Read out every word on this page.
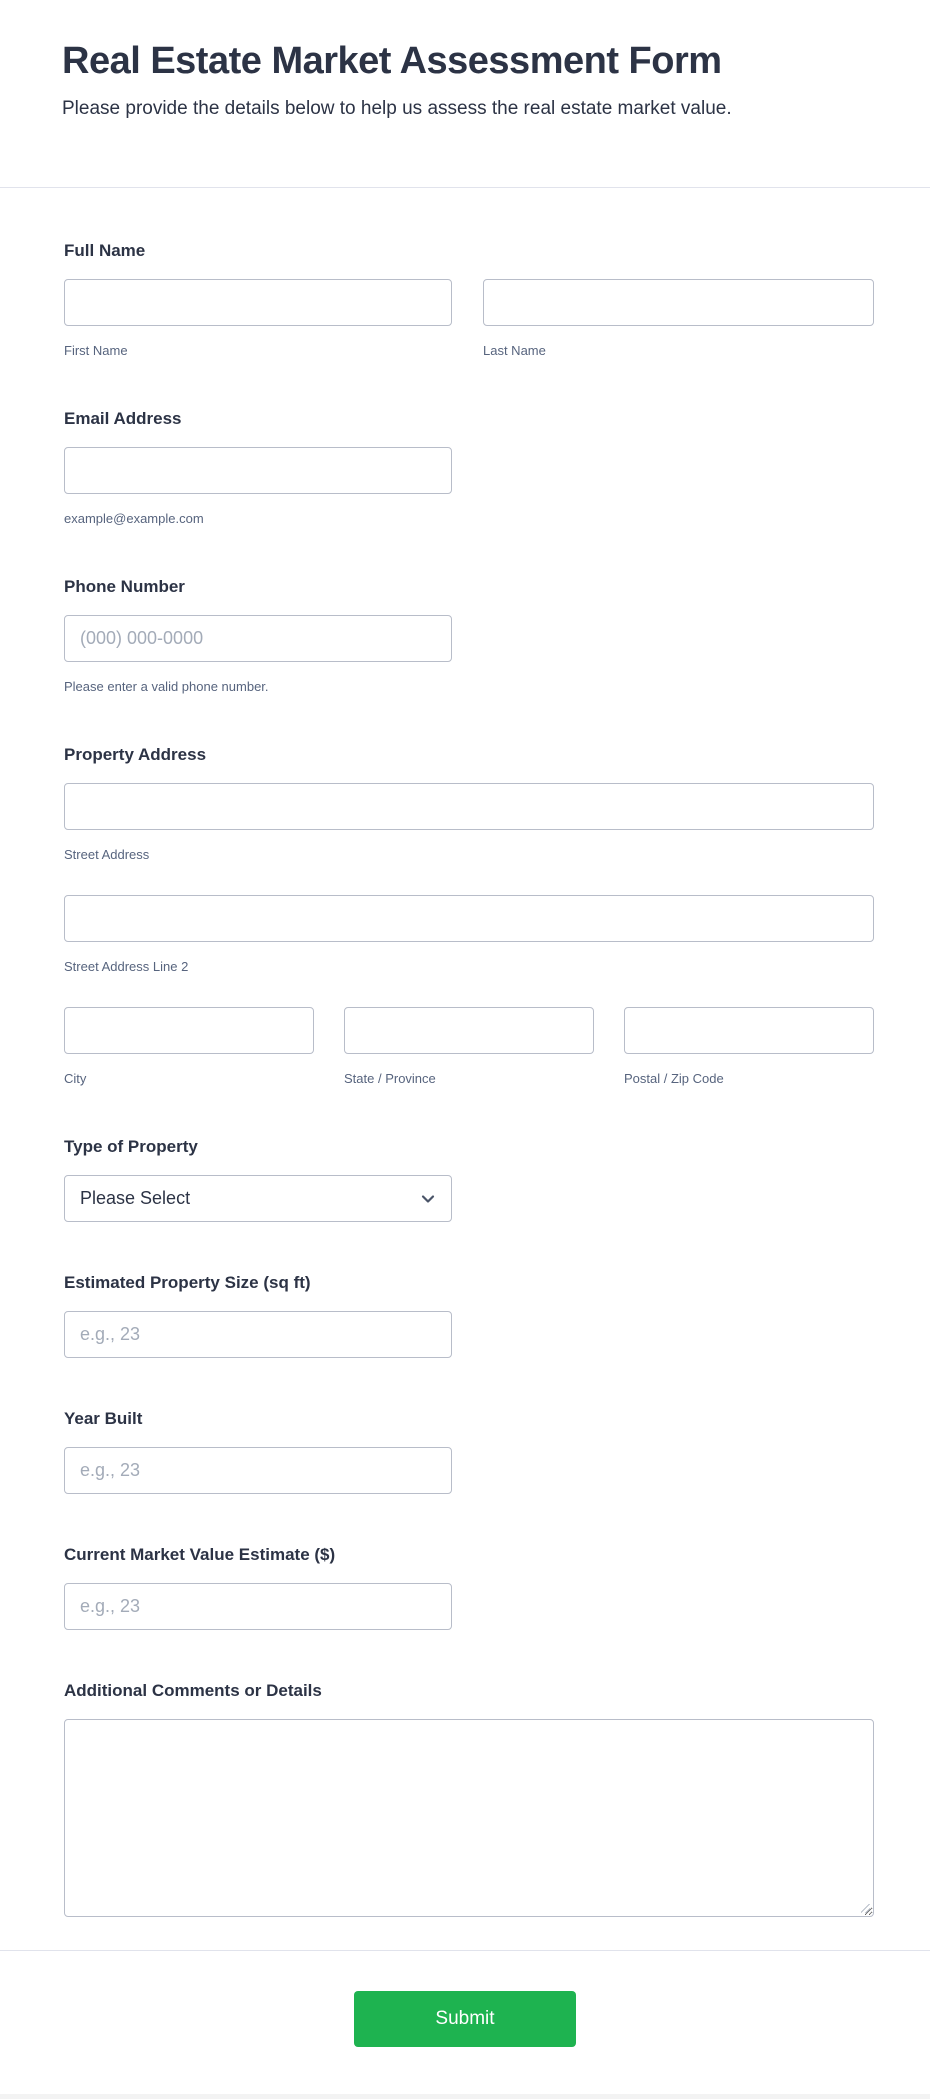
Real Estate Market Assessment Form

Please provide the details below to help us assess the real estate market value.

Full Name
First Name	Last Name
Email Address
example@example.com
Phone Number
(000) 000-0000
Please enter a valid phone number.
Property Address
Street Address
Street Address Line 2
City	State / Province	Postal / Zip Code
Type of Property
Please Select
Estimated Property Size (sq ft)
e.g., 23
Year Built
e.g., 23
Current Market Value Estimate ($)
e.g., 23
Additional Comments or Details
Submit
